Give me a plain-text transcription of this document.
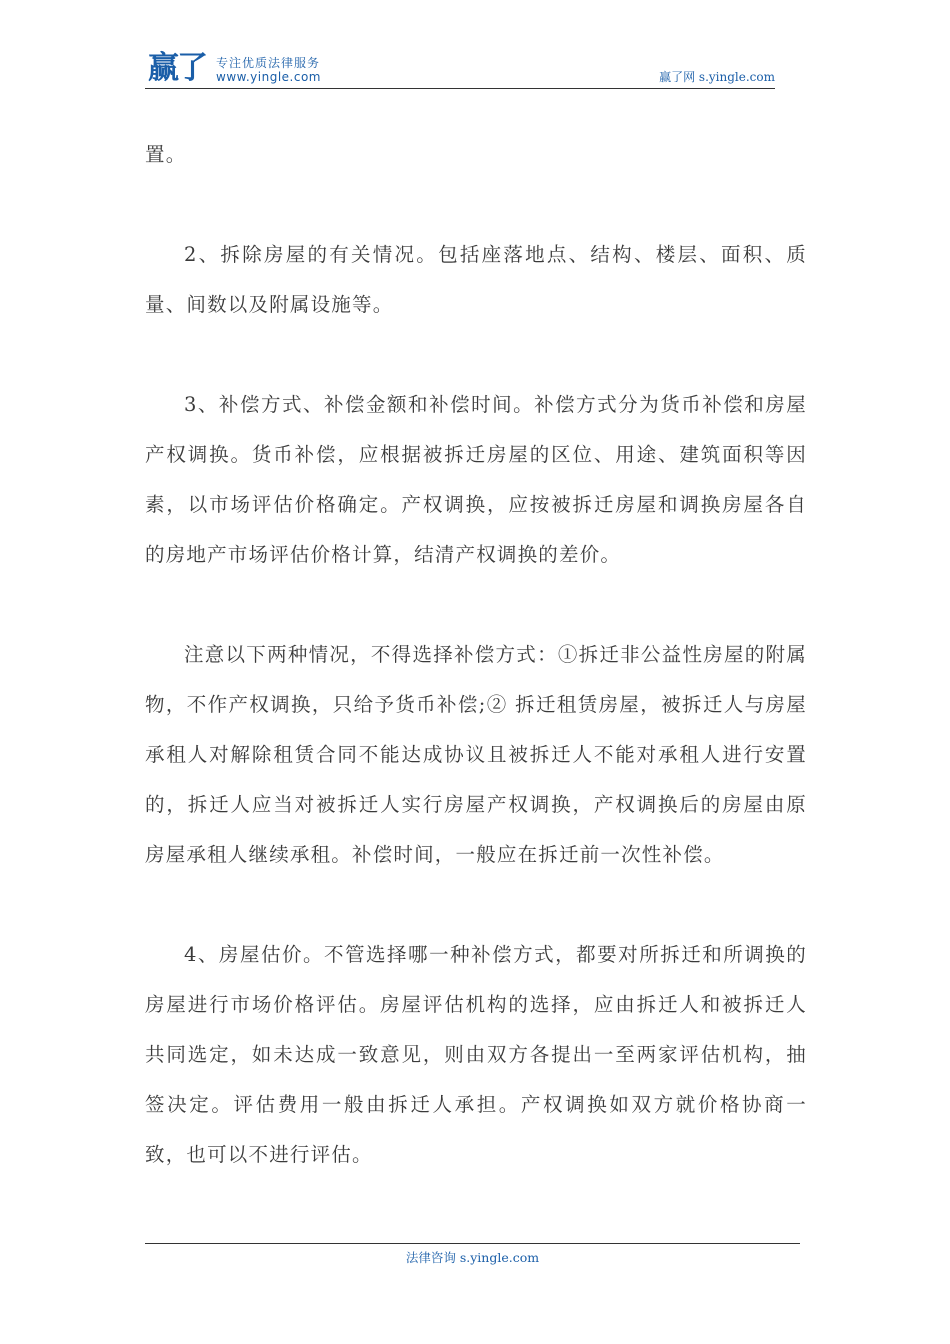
赢了 专注优质法律服务
www.yingle.com	赢了网 s.yingle.com

置。

2、拆除房屋的有关情况。包括座落地点、结构、楼层、面积、质量、间数以及附属设施等。

3、补偿方式、补偿金额和补偿时间。补偿方式分为货币补偿和房屋产权调换。货币补偿，应根据被拆迁房屋的区位、用途、建筑面积等因素，以市场评估价格确定。产权调换，应按被拆迁房屋和调换房屋各自的房地产市场评估价格计算，结清产权调换的差价。

注意以下两种情况，不得选择补偿方式：①拆迁非公益性房屋的附属物，不作产权调换，只给予货币补偿;② 拆迁租赁房屋，被拆迁人与房屋承租人对解除租赁合同不能达成协议且被拆迁人不能对承租人进行安置的，拆迁人应当对被拆迁人实行房屋产权调换，产权调换后的房屋由原房屋承租人继续承租。补偿时间，一般应在拆迁前一次性补偿。

4、房屋估价。不管选择哪一种补偿方式，都要对所拆迁和所调换的房屋进行市场价格评估。房屋评估机构的选择，应由拆迁人和被拆迁人共同选定，如未达成一致意见，则由双方各提出一至两家评估机构，抽签决定。评估费用一般由拆迁人承担。产权调换如双方就价格协商一致，也可以不进行评估。

法律咨询 s.yingle.com
